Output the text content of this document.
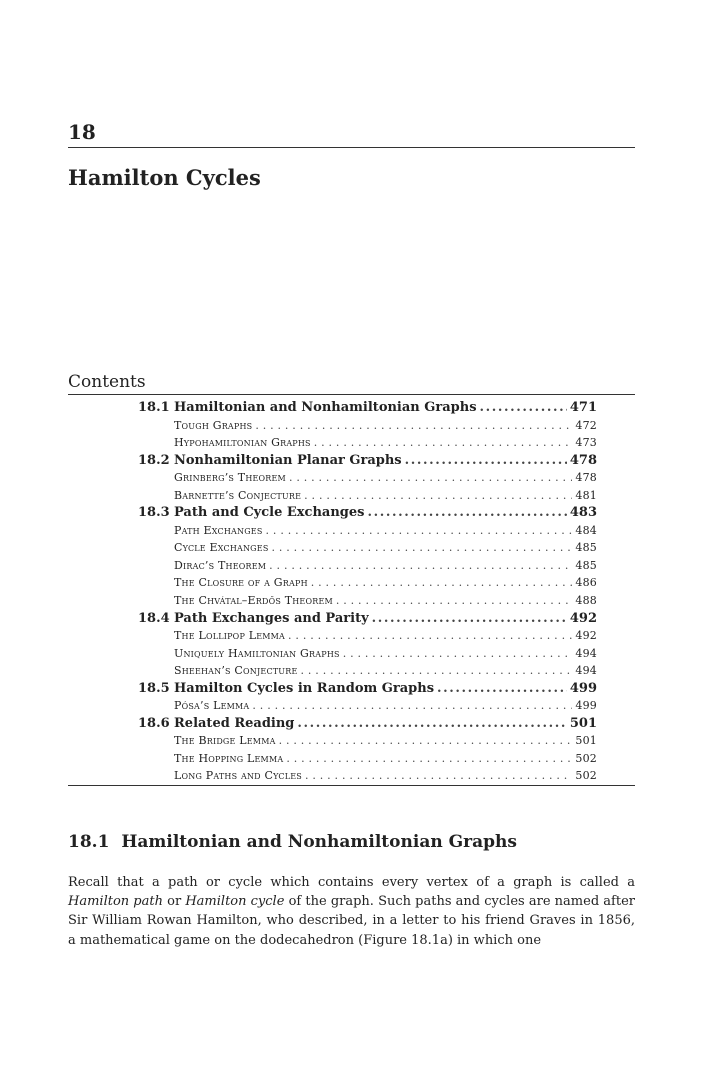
18
Hamilton Cycles
Contents
18.1 Hamiltonian and Nonhamiltonian Graphs .....	471
Tough Graphs . . .	472
Hypohamiltonian Graphs . . .	473
18.2 Nonhamiltonian Planar Graphs .....	478
Grinberg’s Theorem . . .	478
Barnette’s Conjecture . . .	481
18.3 Path and Cycle Exchanges .....	483
Path Exchanges . . .	484
Cycle Exchanges . . .	485
Dirac’s Theorem . . .	485
The Closure of a Graph . . .	486
The Chvátal–Erdős Theorem . . .	488
18.4 Path Exchanges and Parity .....	492
The Lollipop Lemma . . .	492
Uniquely Hamiltonian Graphs . . .	494
Sheehan’s Conjecture . . .	494
18.5 Hamilton Cycles in Random Graphs .....	499
Pósa’s Lemma . . .	499
18.6 Related Reading .....	501
The Bridge Lemma . . .	501
The Hopping Lemma . . .	502
Long Paths and Cycles . . .	502
18.1 Hamiltonian and Nonhamiltonian Graphs
Recall that a path or cycle which contains every vertex of a graph is called a Hamilton path or Hamilton cycle of the graph. Such paths and cycles are named after Sir William Rowan Hamilton, who described, in a letter to his friend Graves in 1856, a mathematical game on the dodecahedron (Figure 18.1a) in which one
